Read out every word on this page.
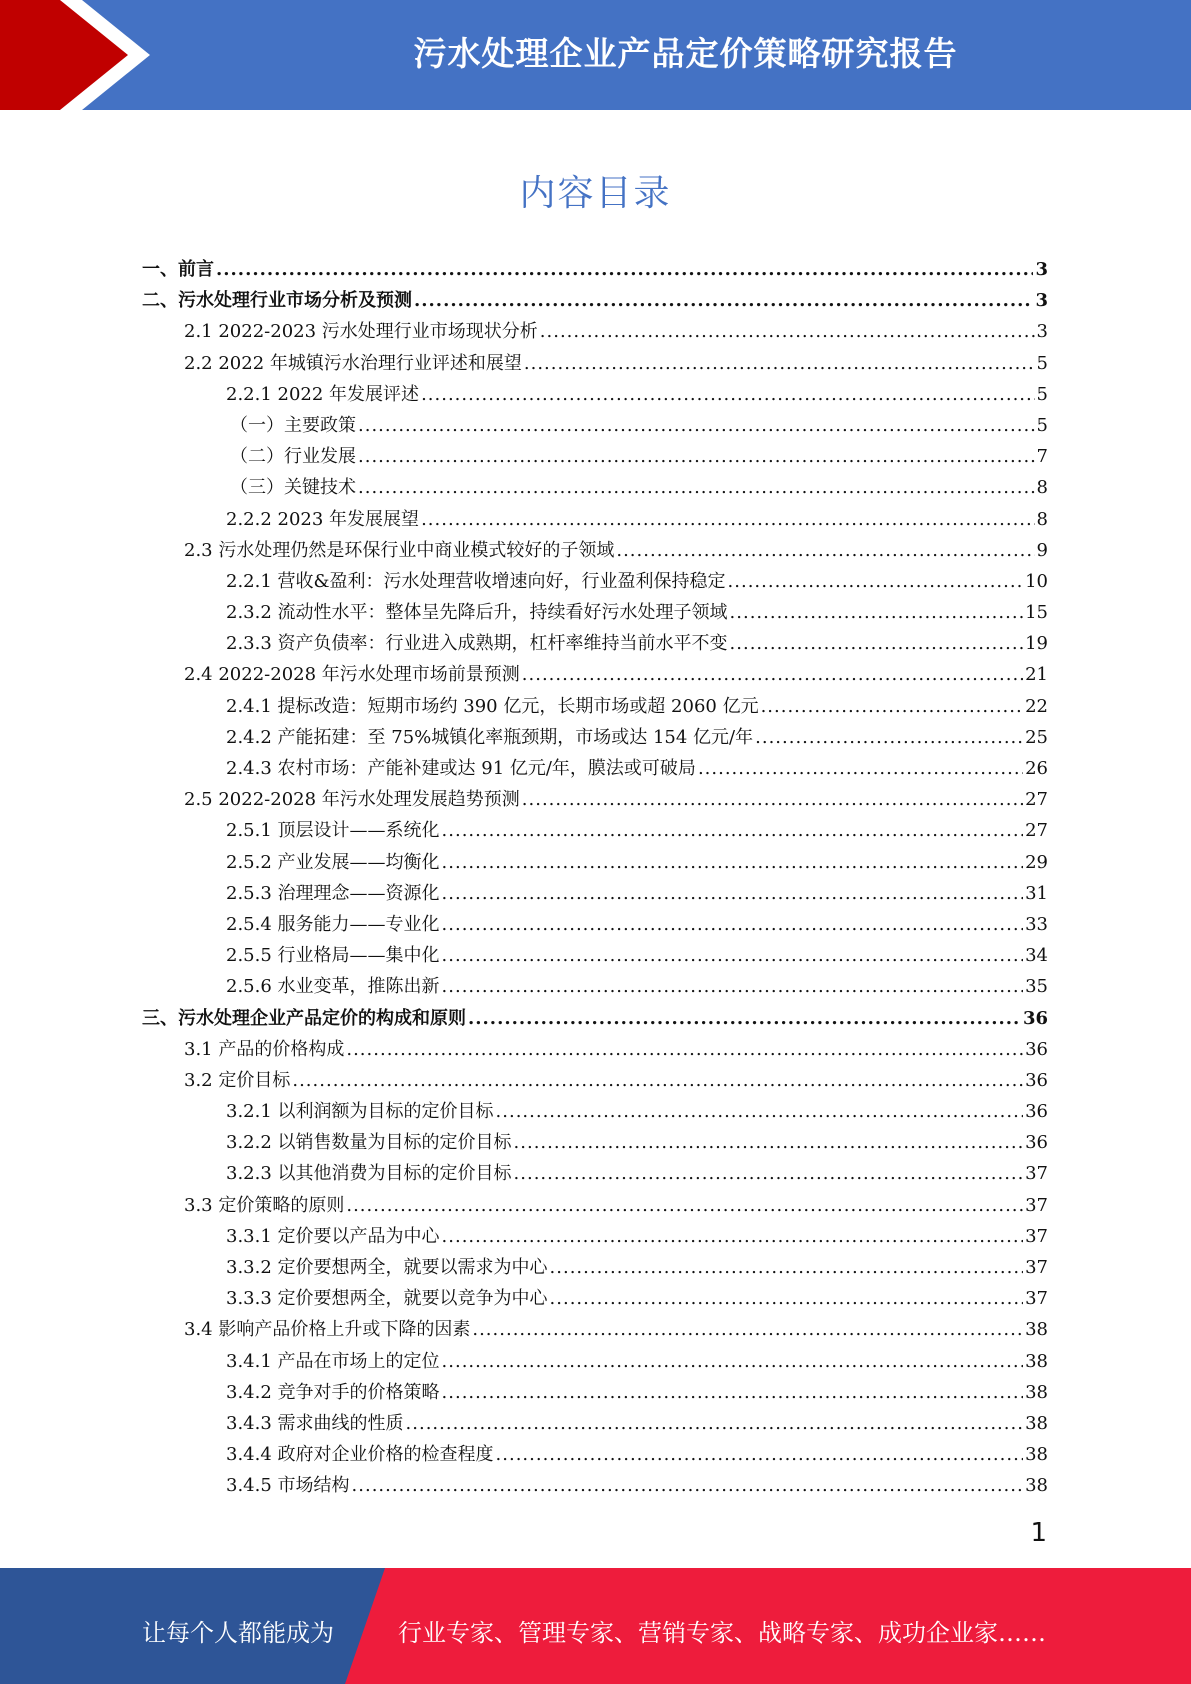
污水处理企业产品定价策略研究报告
内容目录
一、前言 .....	3
二、污水处理行业市场分析及预测 .....	3
2.1 2022-2023 污水处理行业市场现状分析 .....	3
2.2 2022 年城镇污水治理行业评述和展望 .....	5
2.2.1 2022 年发展评述 .....	5
（一）主要政策 .....	5
（二）行业发展 .....	7
（三）关键技术 .....	8
2.2.2 2023 年发展展望 .....	8
2.3 污水处理仍然是环保行业中商业模式较好的子领域 .....	9
2.2.1 营收&盈利：污水处理营收增速向好，行业盈利保持稳定 .....	10
2.3.2 流动性水平：整体呈先降后升，持续看好污水处理子领域 .....	15
2.3.3 资产负债率：行业进入成熟期，杠杆率维持当前水平不变 .....	19
2.4 2022-2028 年污水处理市场前景预测 .....	21
2.4.1 提标改造：短期市场约 390 亿元，长期市场或超 2060 亿元 .....	22
2.4.2 产能拓建：至 75%城镇化率瓶颈期，市场或达 154 亿元/年 .....	25
2.4.3 农村市场：产能补建或达 91 亿元/年，膜法或可破局 .....	26
2.5 2022-2028 年污水处理发展趋势预测 .....	27
2.5.1 顶层设计——系统化 .....	27
2.5.2 产业发展——均衡化 .....	29
2.5.3 治理理念——资源化 .....	31
2.5.4 服务能力——专业化 .....	33
2.5.5 行业格局——集中化 .....	34
2.5.6 水业变革，推陈出新 .....	35
三、污水处理企业产品定价的构成和原则 .....	36
3.1 产品的价格构成 .....	36
3.2 定价目标 .....	36
3.2.1 以利润额为目标的定价目标 .....	36
3.2.2 以销售数量为目标的定价目标 .....	36
3.2.3 以其他消费为目标的定价目标 .....	37
3.3 定价策略的原则 .....	37
3.3.1 定价要以产品为中心 .....	37
3.3.2 定价要想两全，就要以需求为中心 .....	37
3.3.3 定价要想两全，就要以竞争为中心 .....	37
3.4 影响产品价格上升或下降的因素 .....	38
3.4.1 产品在市场上的定位 .....	38
3.4.2 竞争对手的价格策略 .....	38
3.4.3 需求曲线的性质 .....	38
3.4.4 政府对企业价格的检查程度 .....	38
3.4.5 市场结构 .....	38
1
让每个人都能成为	行业专家、管理专家、营销专家、战略专家、成功企业家……
